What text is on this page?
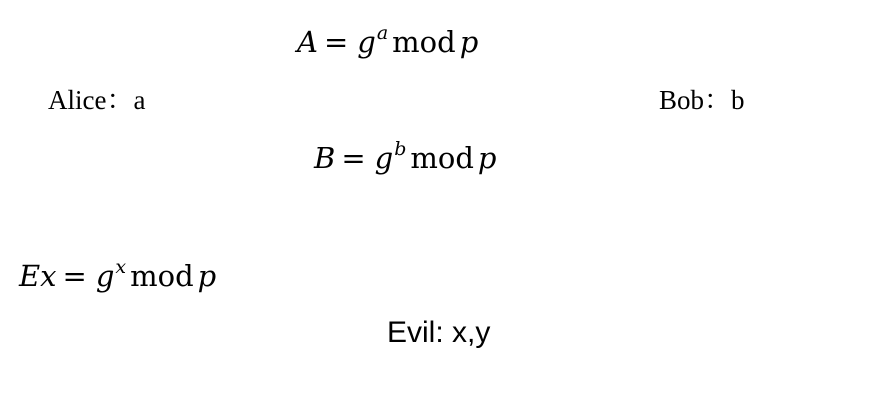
$A = g^a$ mod p
Alice：a	Bob：b
$B = g^b$ mod p
$Ex = g^x$ mod p
Evil: x,y
